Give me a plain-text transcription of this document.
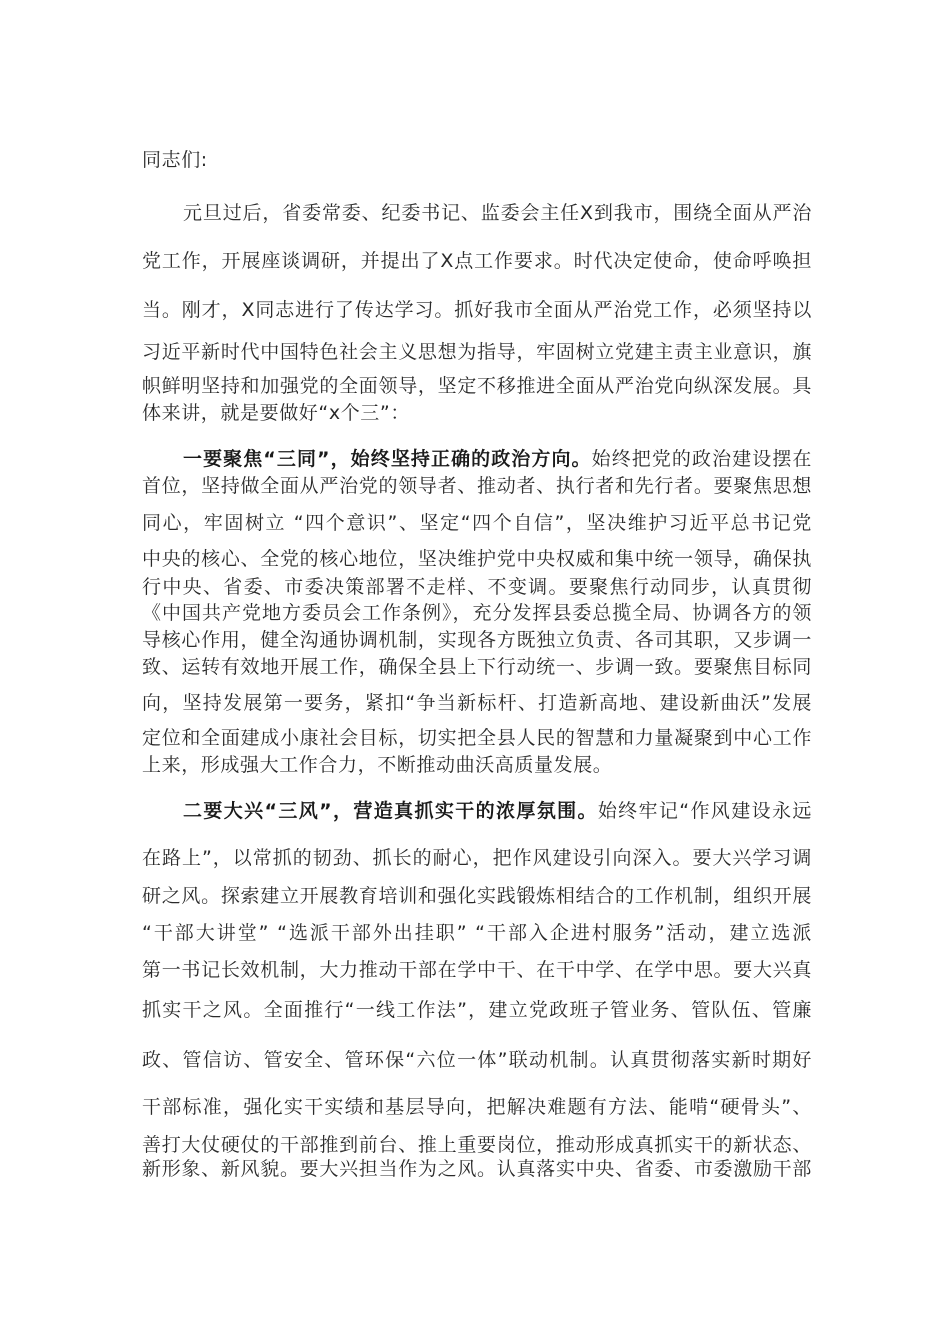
同志们:
元旦过后，省委常委、纪委书记、监委会主任X到我市，围绕全面从严治
党工作，开展座谈调研，并提出了X点工作要求。时代决定使命，使命呼唤担
当。刚才，X同志进行了传达学习。抓好我市全面从严治党工作，必须坚持以
习近平新时代中国特色社会主义思想为指导，牢固树立党建主责主业意识，旗
帜鲜明坚持和加强党的全面领导，坚定不移推进全面从严治党向纵深发展。具
体来讲，就是要做好“x个三”：
一要聚焦“三同”，始终坚持正确的政治方向。始终把党的政治建设摆在
首位，坚持做全面从严治党的领导者、推动者、执行者和先行者。要聚焦思想
同心，牢固树立 “四个意识”、坚定“四个自信”，坚决维护习近平总书记党
中央的核心、全党的核心地位，坚决维护党中央权威和集中统一领导，确保执
行中央、省委、市委决策部署不走样、不变调。要聚焦行动同步，认真贯彻
《中国共产党地方委员会工作条例》，充分发挥县委总揽全局、协调各方的领
导核心作用，健全沟通协调机制，实现各方既独立负责、各司其职，又步调一
致、运转有效地开展工作，确保全县上下行动统一、步调一致。要聚焦目标同
向，坚持发展第一要务，紧扣“争当新标杆、打造新高地、建设新曲沃”发展
定位和全面建成小康社会目标，切实把全县人民的智慧和力量凝聚到中心工作
上来，形成强大工作合力，不断推动曲沃高质量发展。
二要大兴“三风”，营造真抓实干的浓厚氛围。始终牢记“作风建设永远
在路上”，以常抓的韧劲、抓长的耐心，把作风建设引向深入。要大兴学习调
研之风。探索建立开展教育培训和强化实践锻炼相结合的工作机制，组织开展
“干部大讲堂” “选派干部外出挂职” “干部入企进村服务”活动，建立选派
第一书记长效机制，大力推动干部在学中干、在干中学、在学中思。要大兴真
抓实干之风。全面推行“一线工作法”，建立党政班子管业务、管队伍、管廉
政、管信访、管安全、管环保“六位一体”联动机制。认真贯彻落实新时期好
干部标准，强化实干实绩和基层导向，把解决难题有方法、能啃“硬骨头”、
善打大仗硬仗的干部推到前台、推上重要岗位，推动形成真抓实干的新状态、
新形象、新风貌。要大兴担当作为之风。认真落实中央、省委、市委激励干部
